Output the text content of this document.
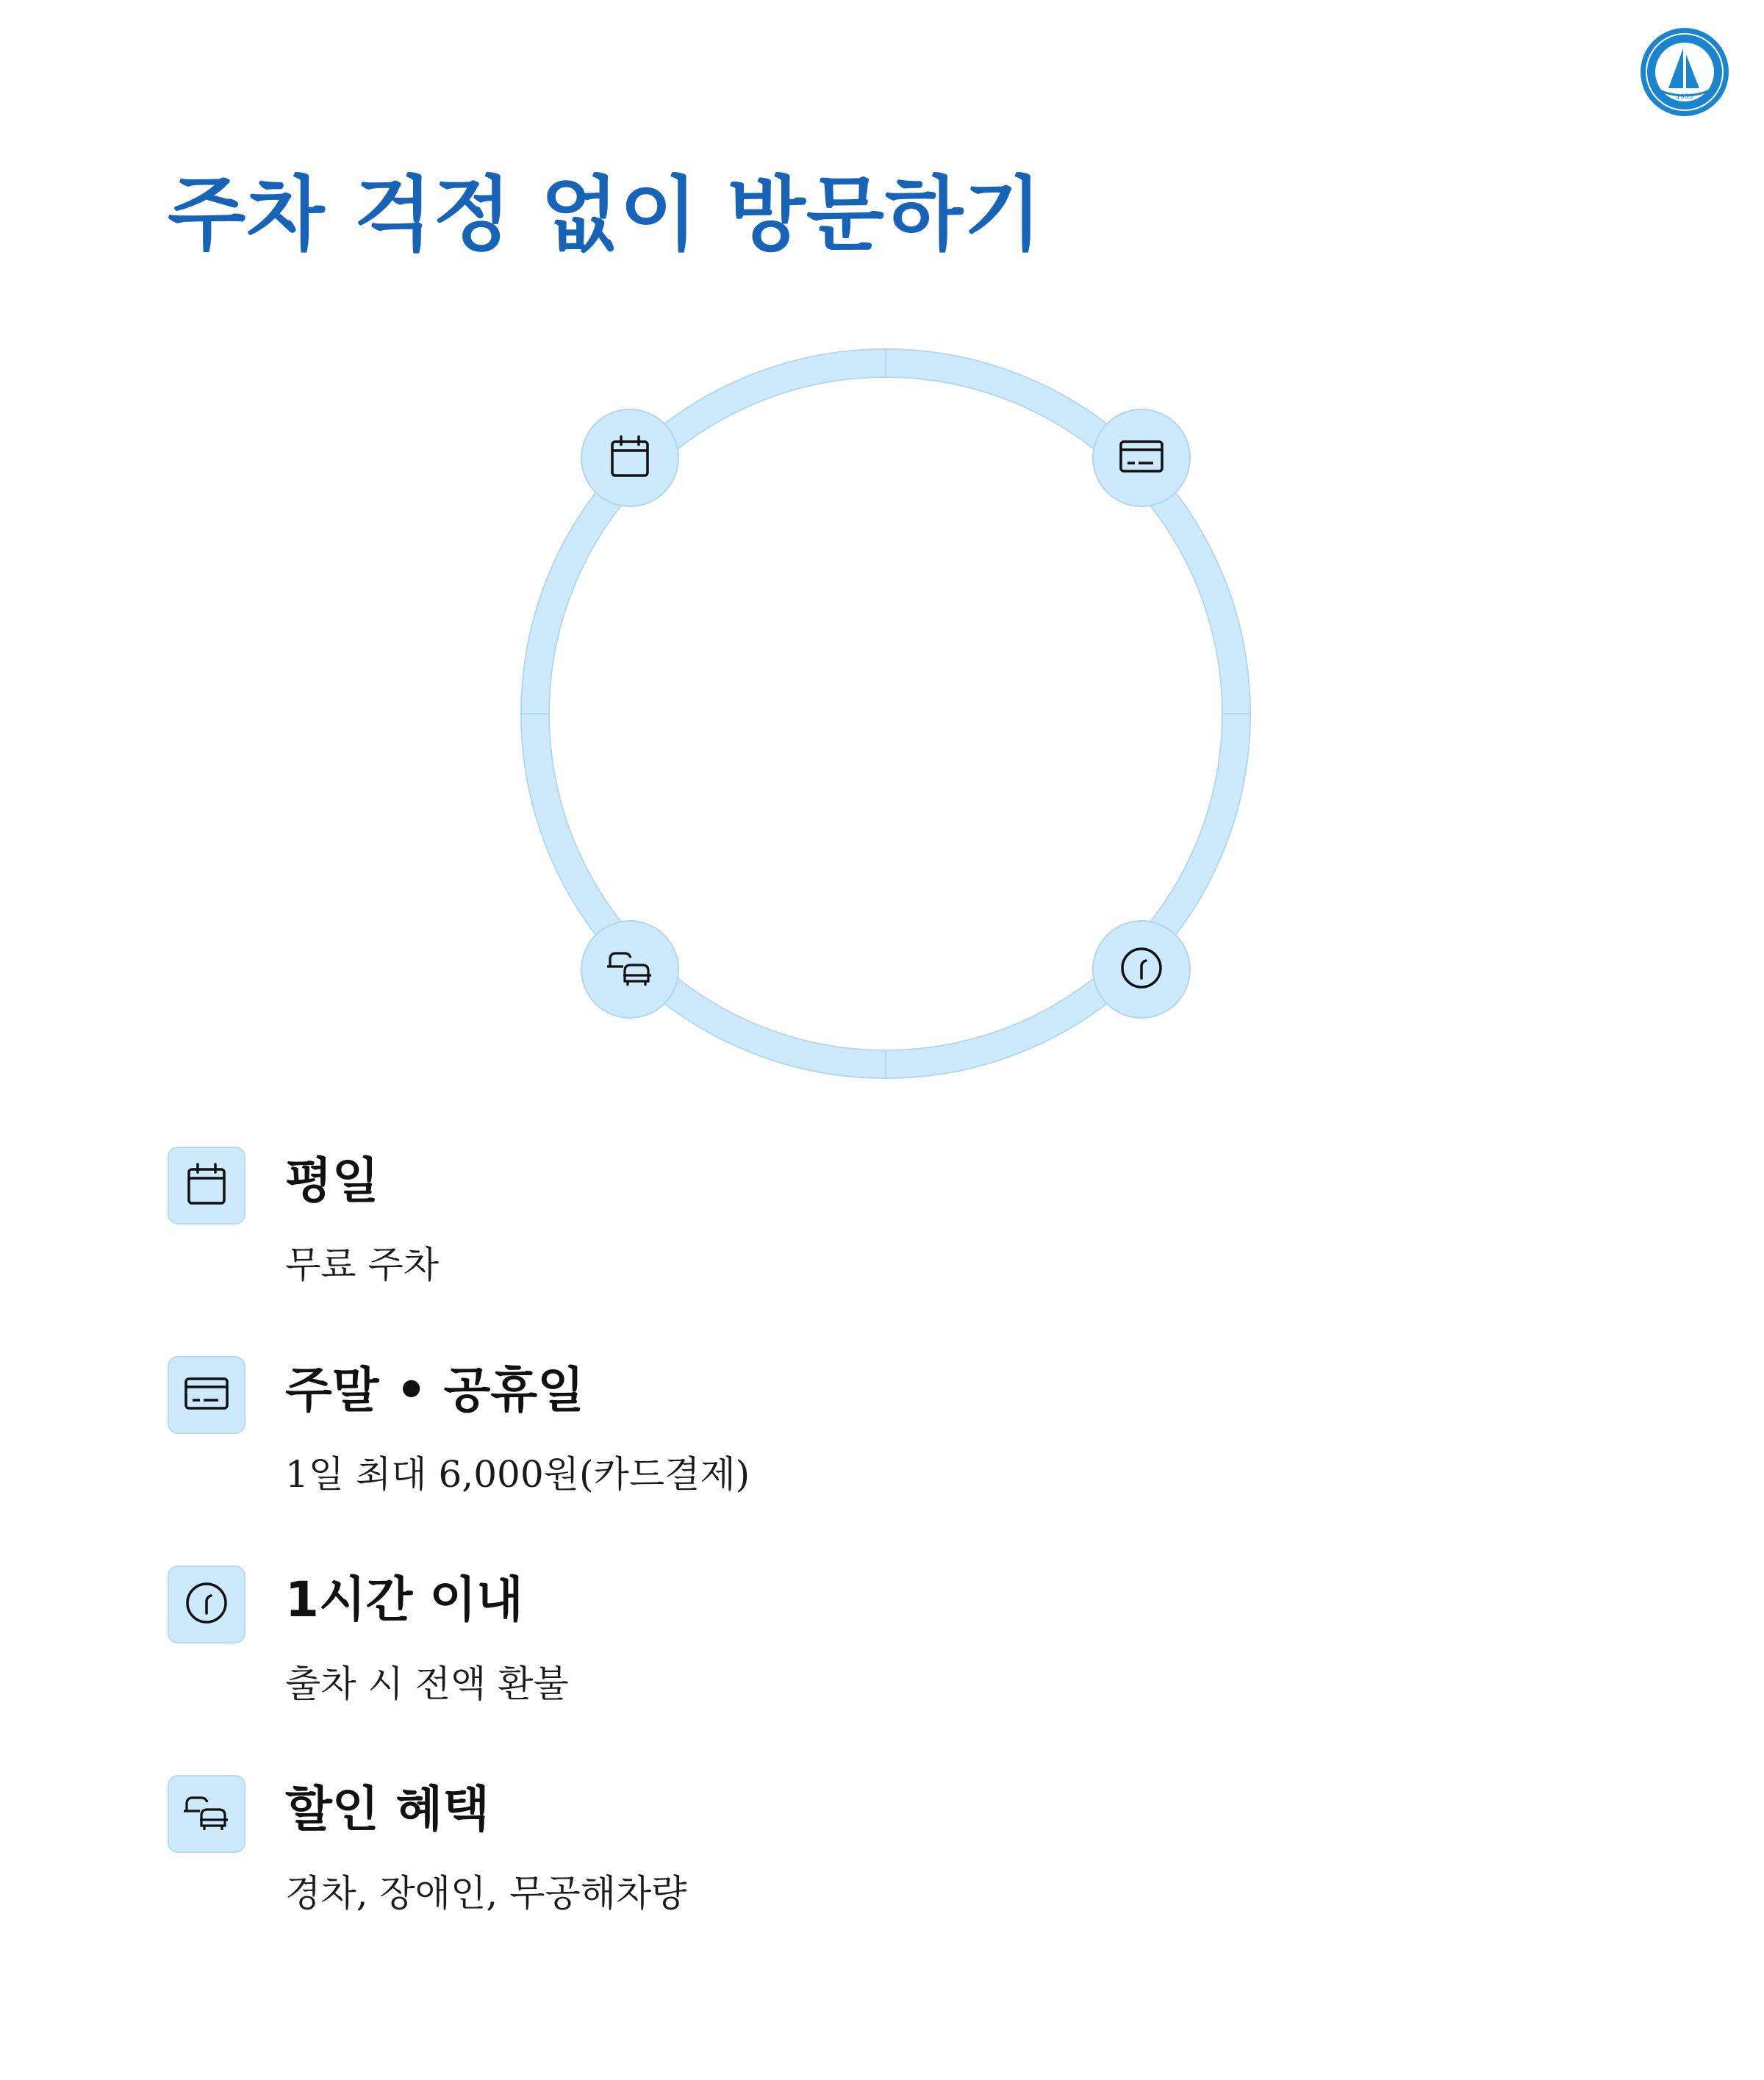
1933
주차 걱정 없이 방문하기

평일

무료 주차

주말 • 공휴일

1일 최대 6,000원(카드결제)

1시간 이내

출차 시 전액 환불

할인 혜택

경차, 장애인, 무공해차량
